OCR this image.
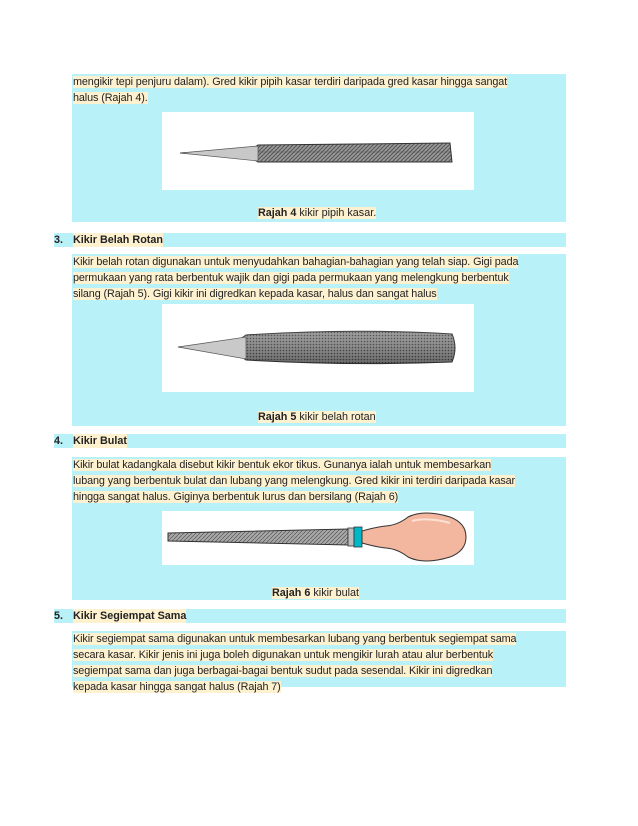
mengikir tepi penjuru dalam). Gred kikir pipih kasar terdiri daripada gred kasar hingga sangat
halus (Rajah 4).
Rajah 4 kikir pipih kasar.
3. Kikir Belah Rotan
Kikir belah rotan digunakan untuk menyudahkan bahagian-bahagian yang telah siap. Gigi pada
permukaan yang rata berbentuk wajik dan gigi pada permukaan yang melengkung berbentuk
silang (Rajah 5). Gigi kikir ini digredkan kepada kasar, halus dan sangat halus
Rajah 5 kikir belah rotan
4. Kikir Bulat
Kikir bulat kadangkala disebut kikir bentuk ekor tikus. Gunanya ialah untuk membesarkan
lubang yang berbentuk bulat dan lubang yang melengkung. Gred kikir ini terdiri daripada kasar
hingga sangat halus. Giginya berbentuk lurus dan bersilang (Rajah 6)
Rajah 6 kikir bulat
5. Kikir Segiempat Sama
Kikir segiempat sama digunakan untuk membesarkan lubang yang berbentuk segiempat sama
secara kasar. Kikir jenis ini juga boleh digunakan untuk mengikir lurah atau alur berbentuk
segiempat sama dan juga berbagai-bagai bentuk sudut pada sesendal. Kikir ini digredkan
kepada kasar hingga sangat halus (Rajah 7)
